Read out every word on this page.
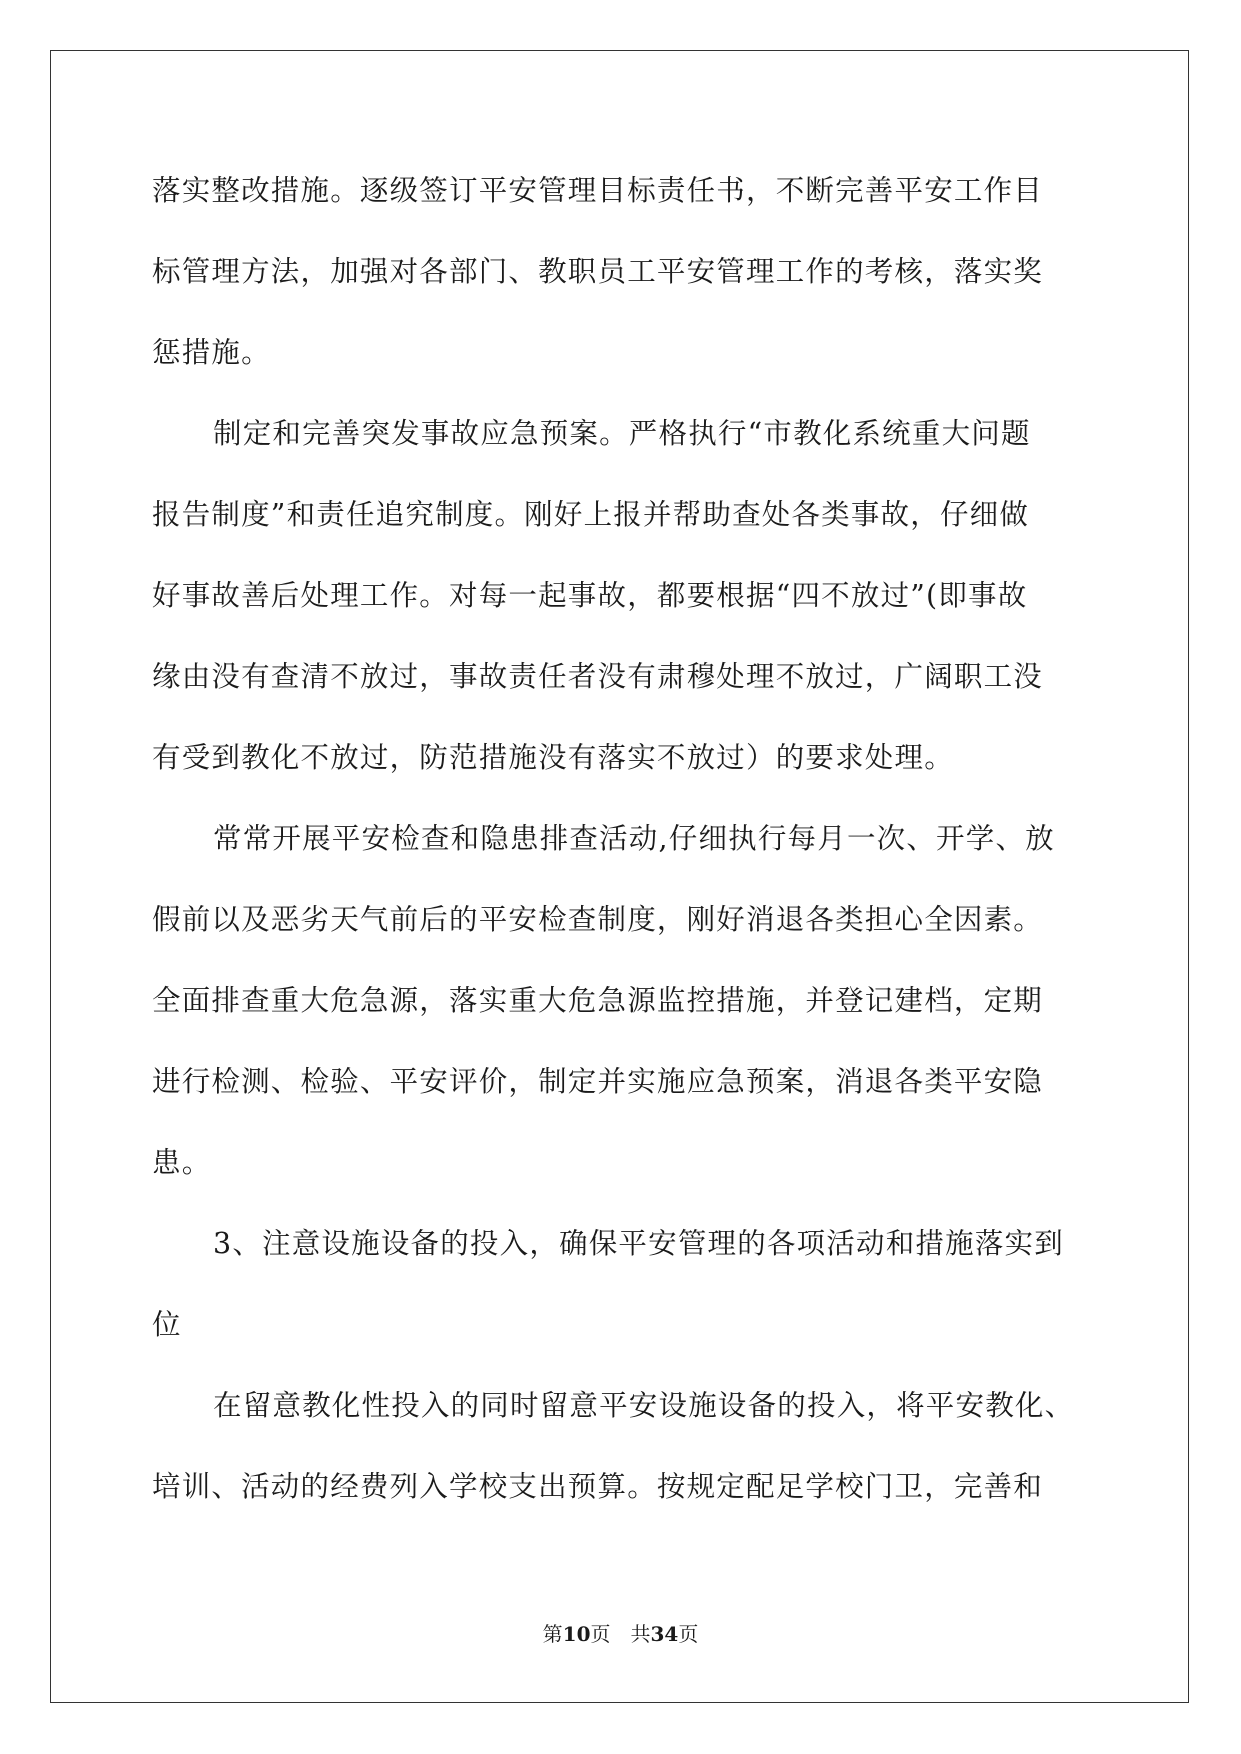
落实整改措施。逐级签订平安管理目标责任书，不断完善平安工作目
标管理方法，加强对各部门、教职员工平安管理工作的考核，落实奖
惩措施。
制定和完善突发事故应急预案。严格执行“市教化系统重大问题
报告制度”和责任追究制度。刚好上报并帮助查处各类事故，仔细做
好事故善后处理工作。对每一起事故，都要根据“四不放过”(即事故
缘由没有查清不放过，事故责任者没有肃穆处理不放过，广阔职工没
有受到教化不放过，防范措施没有落实不放过）的要求处理。
常常开展平安检查和隐患排查活动,仔细执行每月一次、开学、放
假前以及恶劣天气前后的平安检查制度，刚好消退各类担心全因素。
全面排查重大危急源，落实重大危急源监控措施，并登记建档，定期
进行检测、检验、平安评价，制定并实施应急预案，消退各类平安隐
患。
3、注意设施设备的投入，确保平安管理的各项活动和措施落实到
位
在留意教化性投入的同时留意平安设施设备的投入，将平安教化、
培训、活动的经费列入学校支出预算。按规定配足学校门卫，完善和
第10页　共34页
